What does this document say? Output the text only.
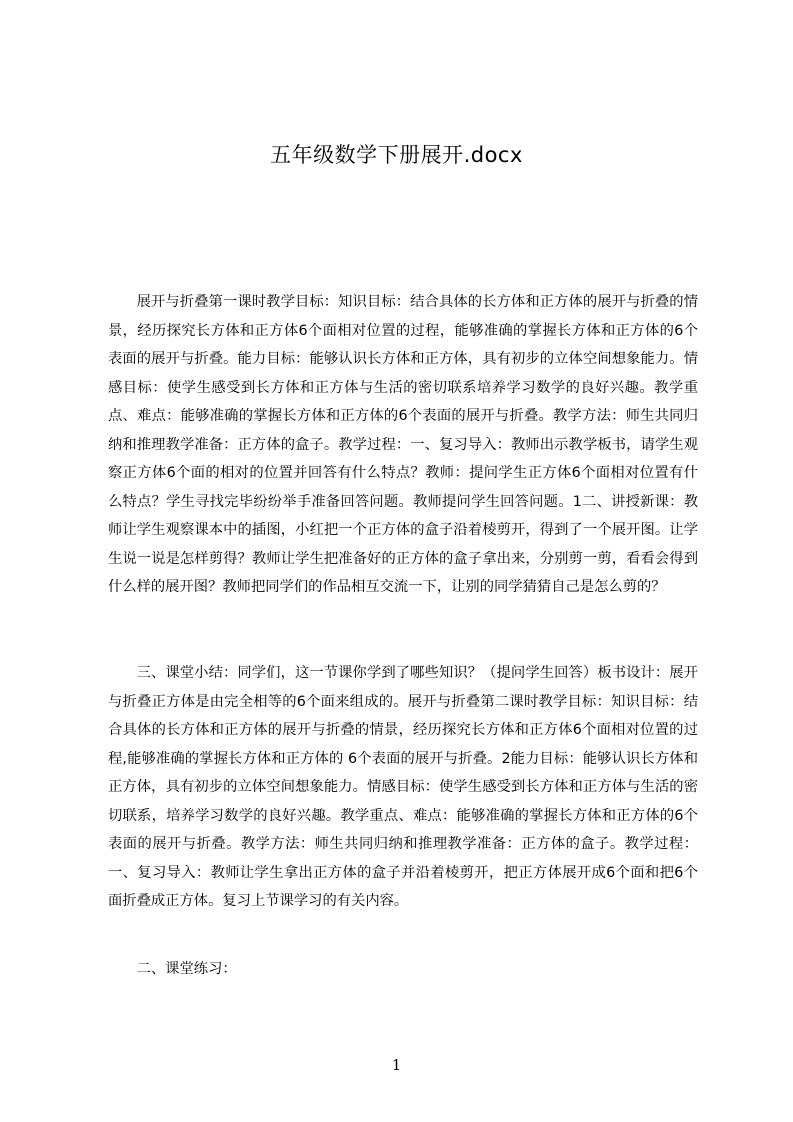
五年级数学下册展开.docx

展开与折叠第一课时教学目标：知识目标：结合具体的长方体和正方体的展开与折叠的情景，经历探究长方体和正方体6个面相对位置的过程，能够准确的掌握长方体和正方体的6个表面的展开与折叠。能力目标：能够认识长方体和正方体，具有初步的立体空间想象能力。情感目标：使学生感受到长方体和正方体与生活的密切联系培养学习数学的良好兴趣。教学重点、难点：能够准确的掌握长方体和正方体的6个表面的展开与折叠。教学方法：师生共同归纳和推理教学准备：正方体的盒子。教学过程：一、复习导入：教师出示教学板书，请学生观察正方体6个面的相对的位置并回答有什么特点？教师：提问学生正方体6个面相对位置有什么特点？学生寻找完毕纷纷举手准备回答问题。教师提问学生回答问题。1二、讲授新课：教师让学生观察课本中的插图，小红把一个正方体的盒子沿着棱剪开，得到了一个展开图。让学生说一说是怎样剪得？教师让学生把准备好的正方体的盒子拿出来，分别剪一剪，看看会得到什么样的展开图？教师把同学们的作品相互交流一下，让别的同学猜猜自己是怎么剪的？

三、课堂小结：同学们，这一节课你学到了哪些知识？（提问学生回答）板书设计：展开与折叠正方体是由完全相等的6个面来组成的。展开与折叠第二课时教学目标：知识目标：结合具体的长方体和正方体的展开与折叠的情景，经历探究长方体和正方体6个面相对位置的过程,能够准确的掌握长方体和正方体的 6个表面的展开与折叠。2能力目标：能够认识长方体和正方体，具有初步的立体空间想象能力。情感目标：使学生感受到长方体和正方体与生活的密切联系，培养学习数学的良好兴趣。教学重点、难点：能够准确的掌握长方体和正方体的6个表面的展开与折叠。教学方法：师生共同归纳和推理教学准备：正方体的盒子。教学过程：一、复习导入：教师让学生拿出正方体的盒子并沿着棱剪开，把正方体展开成6个面和把6个面折叠成正方体。复习上节课学习的有关内容。

二、课堂练习：

1
